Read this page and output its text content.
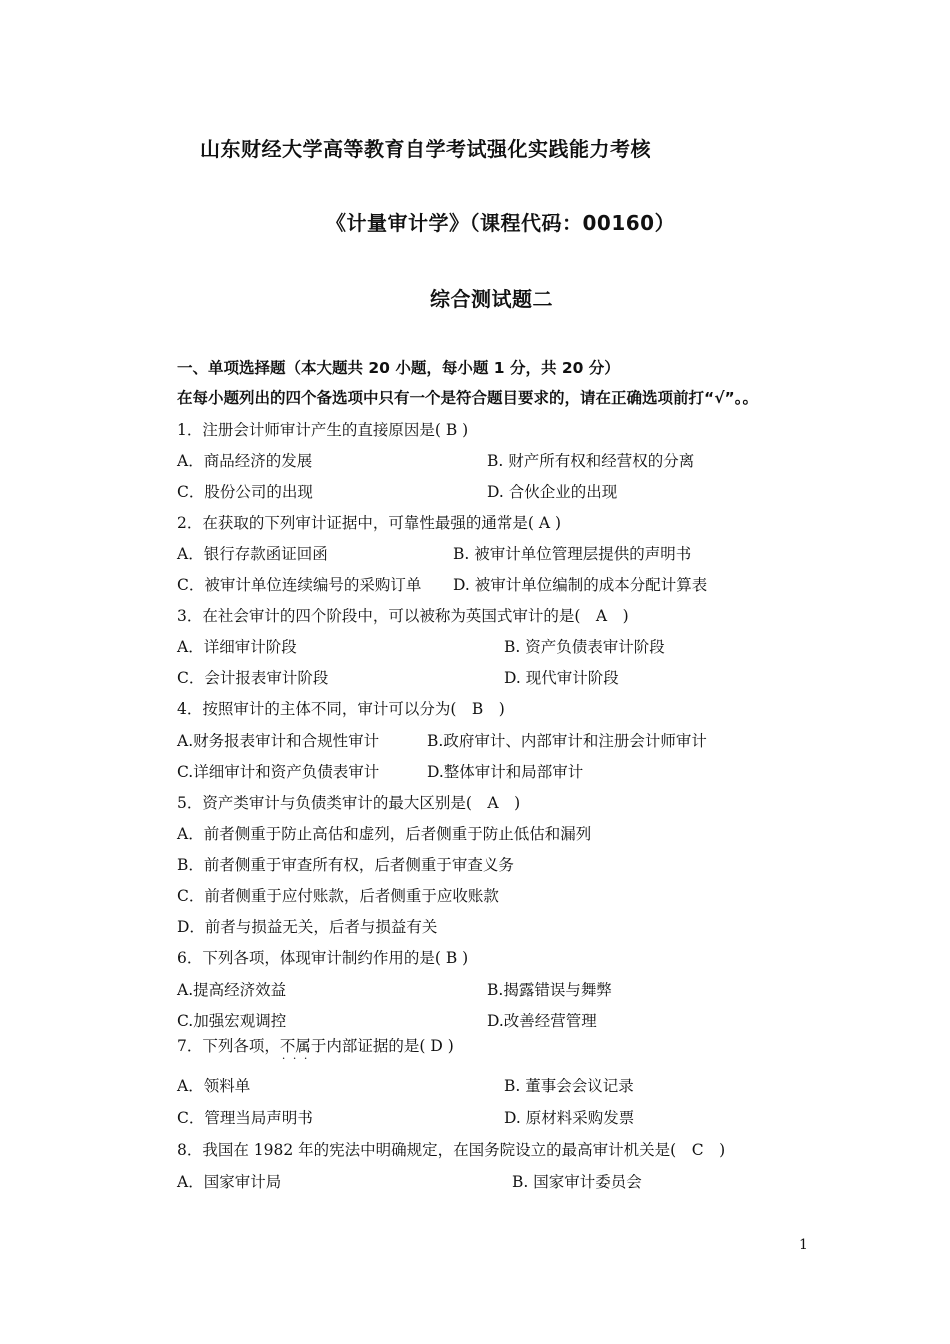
山东财经大学高等教育自学考试强化实践能力考核
《计量审计学》（课程代码：00160）
综合测试题二
一、单项选择题（本大题共 20 小题，每小题 1 分，共 20 分）
在每小题列出的四个备选项中只有一个是符合题目要求的，请在正确选项前打“√”。。
1．注册会计师审计产生的直接原因是( B )
A．商品经济的发展	B. 财产所有权和经营权的分离
C．股份公司的出现	D. 合伙企业的出现
2．在获取的下列审计证据中，可靠性最强的通常是( A )
A．银行存款函证回函	B. 被审计单位管理层提供的声明书
C．被审计单位连续编号的采购订单 D. 被审计单位编制的成本分配计算表
3．在社会审计的四个阶段中，可以被称为英国式审计的是(　A　)
A．详细审计阶段	B. 资产负债表审计阶段
C．会计报表审计阶段	D. 现代审计阶段
4．按照审计的主体不同，审计可以分为(　B　)
A.财务报表审计和合规性审计	B.政府审计、内部审计和注册会计师审计
C.详细审计和资产负债表审计	D.整体审计和局部审计
5．资产类审计与负债类审计的最大区别是(　A　)
A．前者侧重于防止高估和虚列，后者侧重于防止低估和漏列
B．前者侧重于审查所有权，后者侧重于审查义务
C．前者侧重于应付账款，后者侧重于应收账款
D．前者与损益无关，后者与损益有关
6．下列各项，体现审计制约作用的是( B )
A.提高经济效益	B.揭露错误与舞弊
C.加强宏观调控	D.改善经营管理
7．下列各项，不属于 · · ·内部证据的是( D )
A．领料单	B. 董事会会议记录
C．管理当局声明书	D. 原材料采购发票
8．我国在 1982 年的宪法中明确规定，在国务院设立的最高审计机关是(　C　)
A．国家审计局	B. 国家审计委员会
1
